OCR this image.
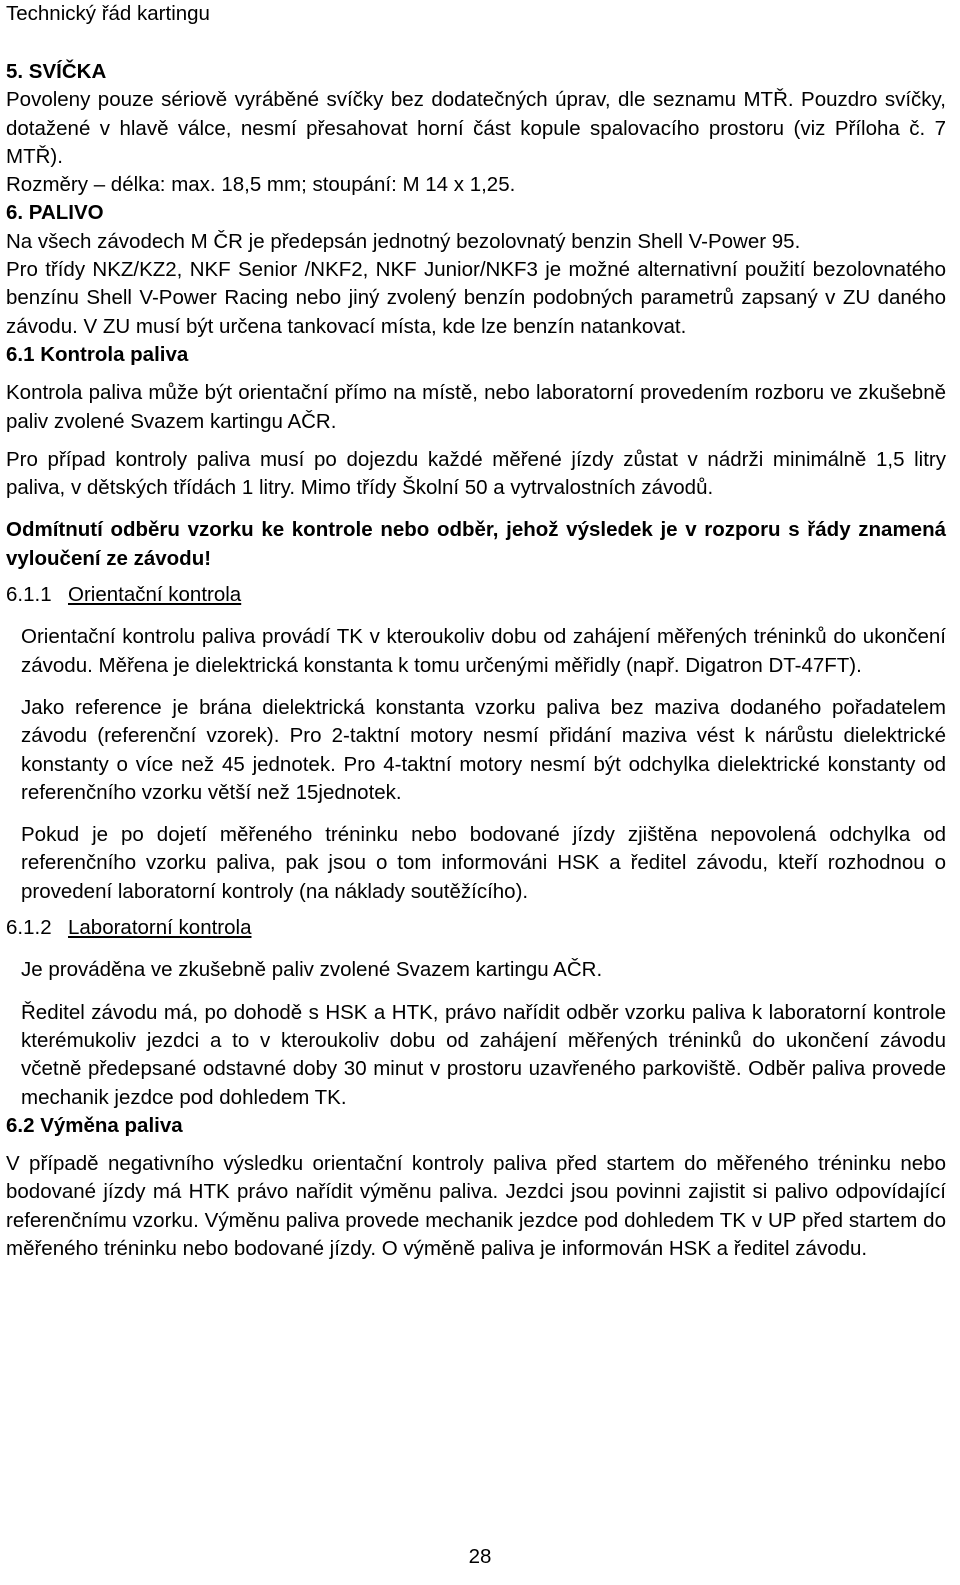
Technický řád kartingu

5. SVÍČKA

Povoleny pouze sériově vyráběné svíčky bez dodatečných úprav, dle seznamu MTŘ. Pouzdro svíčky, dotažené v hlavě válce, nesmí přesahovat horní část kopule spalovacího prostoru (viz Příloha č. 7 MTŘ).

Rozměry – délka: max. 18,5 mm; stoupání: M 14 x 1,25.

6. PALIVO

Na všech závodech M ČR je předepsán jednotný bezolovnatý benzin Shell V-Power 95.

Pro třídy NKZ/KZ2, NKF Senior /NKF2, NKF Junior/NKF3 je možné alternativní použití bezolovnatého benzínu Shell V-Power Racing nebo jiný zvolený benzín podobných parametrů zapsaný v ZU daného závodu. V ZU musí být určena tankovací místa, kde lze benzín natankovat.

6.1 Kontrola paliva

Kontrola paliva může být orientační přímo na místě, nebo laboratorní provedením rozboru ve zkušebně paliv zvolené Svazem kartingu AČR.

Pro případ kontroly paliva musí po dojezdu každé měřené jízdy zůstat v nádrži minimálně 1,5 litry paliva, v dětských třídách 1 litry. Mimo třídy Školní 50 a vytrvalostních závodů.

Odmítnutí odběru vzorku ke kontrole nebo odběr, jehož výsledek je v rozporu s řády znamená vyloučení ze závodu!

6.1.1 Orientační kontrola

Orientační kontrolu paliva provádí TK v kteroukoliv dobu od zahájení měřených tréninků do ukončení závodu. Měřena je dielektrická konstanta k tomu určenými měřidly (např. Digatron DT-47FT).

Jako reference je brána dielektrická konstanta vzorku paliva bez maziva dodaného pořadatelem závodu (referenční vzorek). Pro 2-taktní motory nesmí přidání maziva vést k nárůstu dielektrické konstanty o více než 45 jednotek. Pro 4-taktní motory nesmí být odchylka dielektrické konstanty od referenčního vzorku větší než 15jednotek.

Pokud je po dojetí měřeného tréninku nebo bodované jízdy zjištěna nepovolená odchylka od referenčního vzorku paliva, pak jsou o tom informováni HSK a ředitel závodu, kteří rozhodnou o provedení laboratorní kontroly (na náklady soutěžícího).

6.1.2 Laboratorní kontrola

Je prováděna ve zkušebně paliv zvolené Svazem kartingu AČR.

Ředitel závodu má, po dohodě s HSK a HTK, právo nařídit odběr vzorku paliva k laboratorní kontrole kterémukoliv jezdci a to v kteroukoliv dobu od zahájení měřených tréninků do ukončení závodu včetně předepsané odstavné doby 30 minut v prostoru uzavřeného parkoviště. Odběr paliva provede mechanik jezdce pod dohledem TK.

6.2 Výměna paliva

V případě negativního výsledku orientační kontroly paliva před startem do měřeného tréninku nebo bodované jízdy má HTK právo nařídit výměnu paliva. Jezdci jsou povinni zajistit si palivo odpovídající referenčnímu vzorku. Výměnu paliva provede mechanik jezdce pod dohledem TK v UP před startem do měřeného tréninku nebo bodované jízdy. O výměně paliva je informován HSK a ředitel závodu.

28
